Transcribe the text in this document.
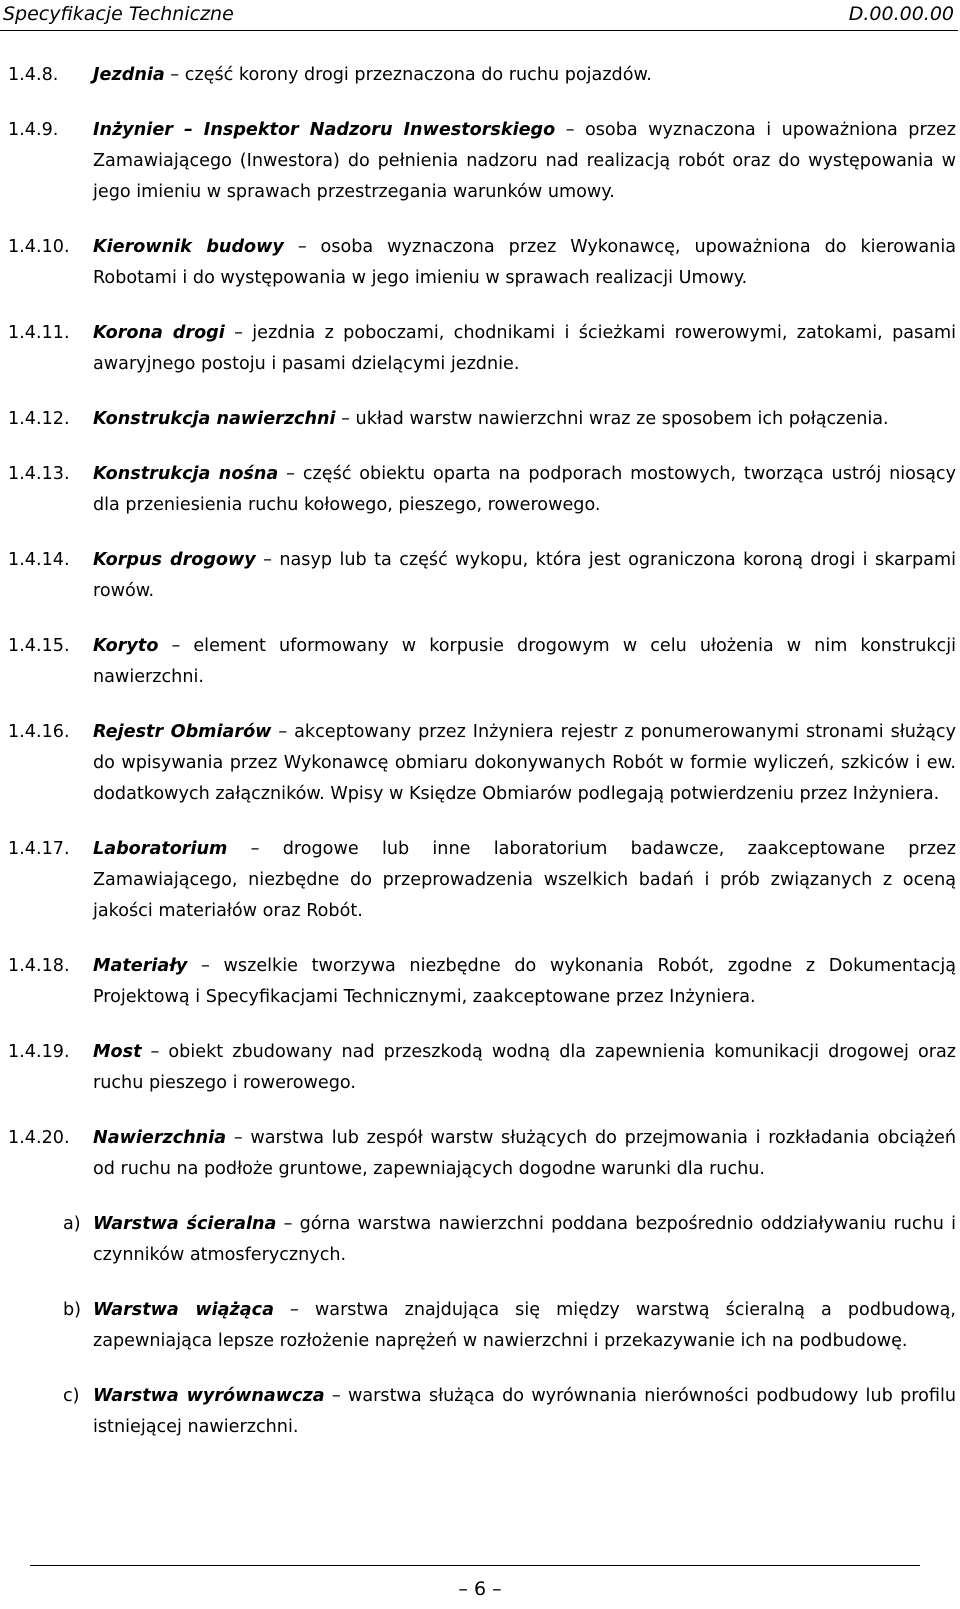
Specyfikacje Techniczne	D.00.00.00
1.4.8. Jezdnia – część korony drogi przeznaczona do ruchu pojazdów.
1.4.9. Inżynier – Inspektor Nadzoru Inwestorskiego – osoba wyznaczona i upoważniona przez Zamawiającego (Inwestora) do pełnienia nadzoru nad realizacją robót oraz do występowania w jego imieniu w sprawach przestrzegania warunków umowy.
1.4.10. Kierownik budowy – osoba wyznaczona przez Wykonawcę, upoważniona do kierowania Robotami i do występowania w jego imieniu w sprawach realizacji Umowy.
1.4.11. Korona drogi – jezdnia z poboczami, chodnikami i ścieżkami rowerowymi, zatokami, pasami awaryjnego postoju i pasami dzielącymi jezdnie.
1.4.12. Konstrukcja nawierzchni – układ warstw nawierzchni wraz ze sposobem ich połączenia.
1.4.13. Konstrukcja nośna – część obiektu oparta na podporach mostowych, tworząca ustrój niosący dla przeniesienia ruchu kołowego, pieszego, rowerowego.
1.4.14. Korpus drogowy – nasyp lub ta część wykopu, która jest ograniczona koroną drogi i skarpami rowów.
1.4.15. Koryto – element uformowany w korpusie drogowym w celu ułożenia w nim konstrukcji nawierzchni.
1.4.16. Rejestr Obmiarów – akceptowany przez Inżyniera rejestr z ponumerowanymi stronami służący do wpisywania przez Wykonawcę obmiaru dokonywanych Robót w formie wyliczeń, szkiców i ew. dodatkowych załączników. Wpisy w Księdze Obmiarów podlegają potwierdzeniu przez Inżyniera.
1.4.17. Laboratorium – drogowe lub inne laboratorium badawcze, zaakceptowane przez Zamawiającego, niezbędne do przeprowadzenia wszelkich badań i prób związanych z oceną jakości materiałów oraz Robót.
1.4.18. Materiały – wszelkie tworzywa niezbędne do wykonania Robót, zgodne z Dokumentacją Projektową i Specyfikacjami Technicznymi, zaakceptowane przez Inżyniera.
1.4.19. Most – obiekt zbudowany nad przeszkodą wodną dla zapewnienia komunikacji drogowej oraz ruchu pieszego i rowerowego.
1.4.20. Nawierzchnia – warstwa lub zespół warstw służących do przejmowania i rozkładania obciążeń od ruchu na podłoże gruntowe, zapewniających dogodne warunki dla ruchu.
a) Warstwa ścieralna – górna warstwa nawierzchni poddana bezpośrednio oddziaływaniu ruchu i czynników atmosferycznych.
b) Warstwa wiążąca – warstwa znajdująca się między warstwą ścieralną a podbudową, zapewniająca lepsze rozłożenie naprężeń w nawierzchni i przekazywanie ich na podbudowę.
c) Warstwa wyrównawcza – warstwa służąca do wyrównania nierówności podbudowy lub profilu istniejącej nawierzchni.
– 6 –
